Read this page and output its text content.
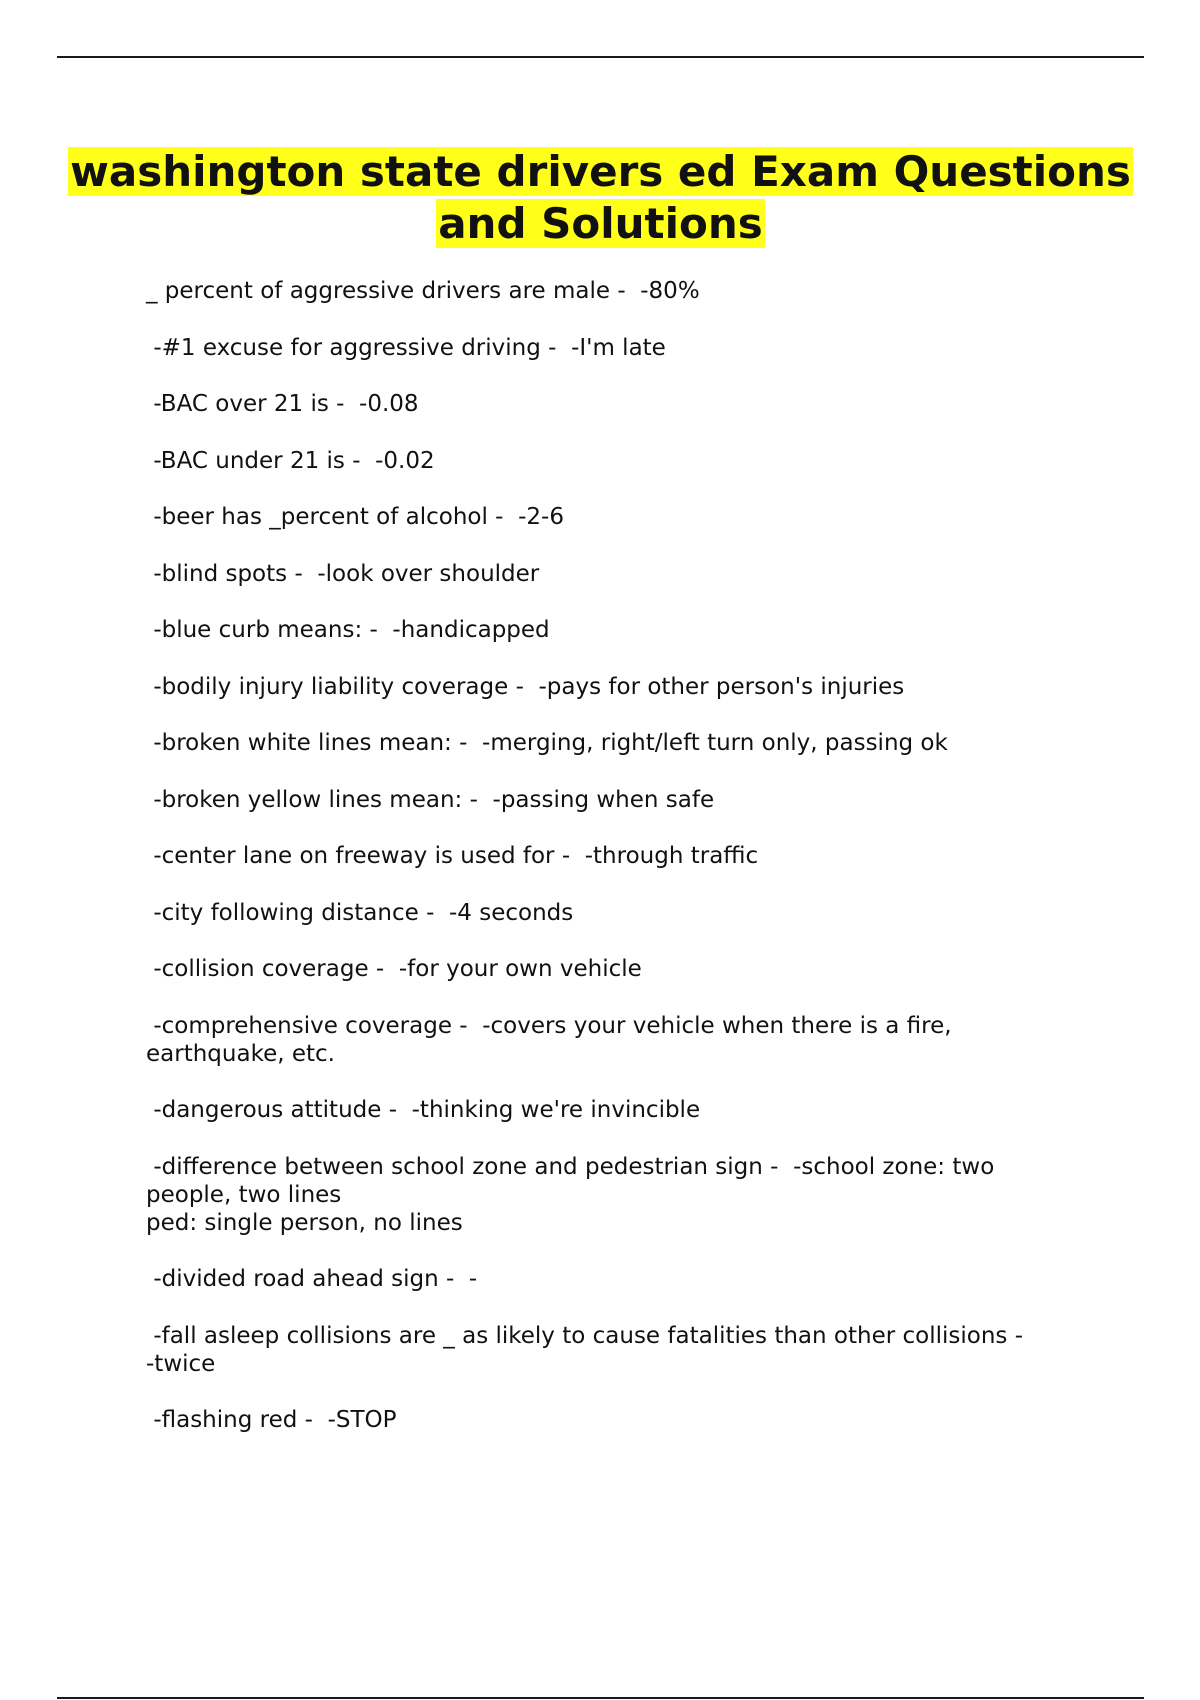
washington state drivers ed Exam Questions and Solutions
_ percent of aggressive drivers are male -  -80%
-#1 excuse for aggressive driving -  -I'm late
-BAC over 21 is -  -0.08
-BAC under 21 is -  -0.02
-beer has _percent of alcohol -  -2-6
-blind spots -  -look over shoulder
-blue curb means: -  -handicapped
-bodily injury liability coverage -  -pays for other person's injuries
-broken white lines mean: -  -merging, right/left turn only, passing ok
-broken yellow lines mean: -  -passing when safe
-center lane on freeway is used for -  -through traffic
-city following distance -  -4 seconds
-collision coverage -  -for your own vehicle
-comprehensive coverage -  -covers your vehicle when there is a fire,
earthquake, etc.
-dangerous attitude -  -thinking we're invincible
-difference between school zone and pedestrian sign -  -school zone: two
people, two lines
ped: single person, no lines
-divided road ahead sign -  -
-fall asleep collisions are _ as likely to cause fatalities than other collisions -
-twice
-flashing red -  -STOP
